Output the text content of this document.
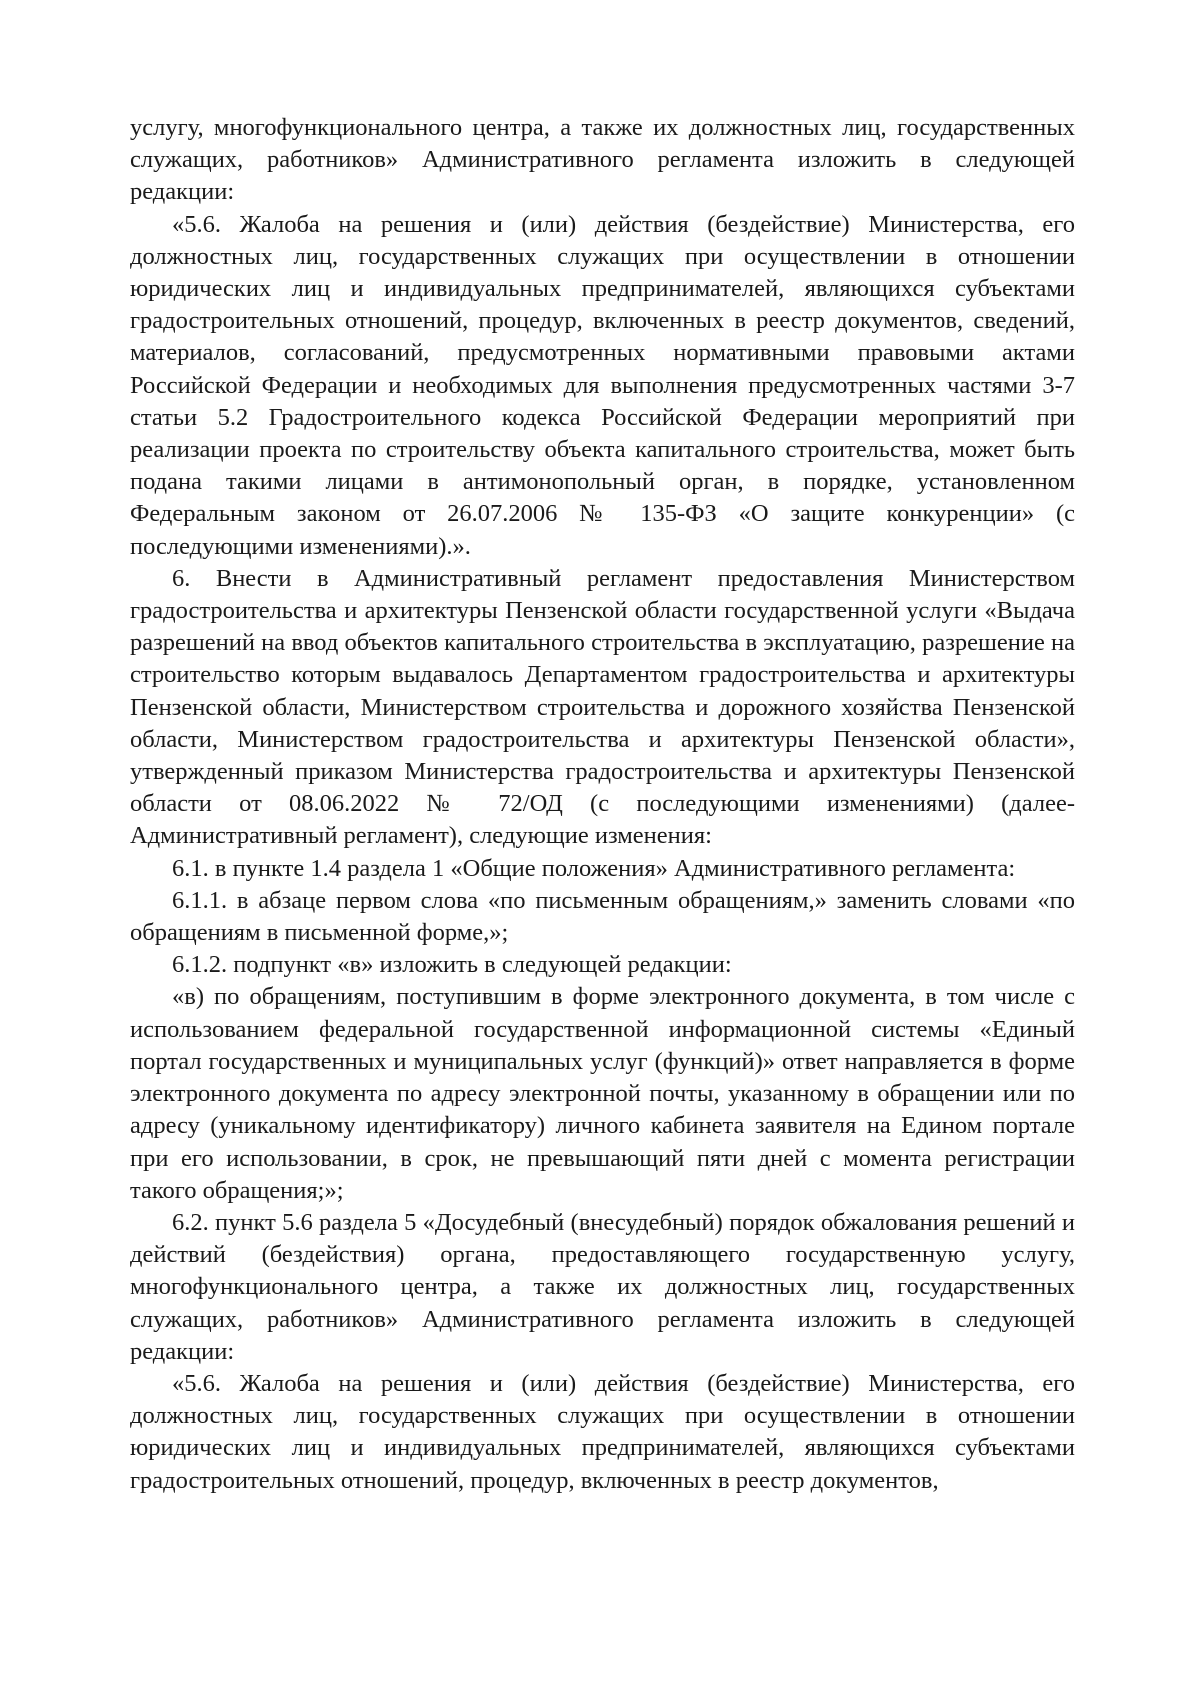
услугу, многофункционального центра, а также их должностных лиц, государственных служащих, работников» Административного регламента изложить в следующей редакции:

«5.6. Жалоба на решения и (или) действия (бездействие) Министерства, его должностных лиц, государственных служащих при осуществлении в отношении юридических лиц и индивидуальных предпринимателей, являющихся субъектами градостроительных отношений, процедур, включенных в реестр документов, сведений, материалов, согласований, предусмотренных нормативными правовыми актами Российской Федерации и необходимых для выполнения предусмотренных частями 3-7 статьи 5.2 Градостроительного кодекса Российской Федерации мероприятий при реализации проекта по строительству объекта капитального строительства, может быть подана такими лицами в антимонопольный орган, в порядке, установленном Федеральным законом от 26.07.2006 № 135-ФЗ «О защите конкуренции» (с последующими изменениями).».

6. Внести в Административный регламент предоставления Министерством градостроительства и архитектуры Пензенской области государственной услуги «Выдача разрешений на ввод объектов капитального строительства в эксплуатацию, разрешение на строительство которым выдавалось Департаментом градостроительства и архитектуры Пензенской области, Министерством строительства и дорожного хозяйства Пензенской области, Министерством градостроительства и архитектуры Пензенской области», утвержденный приказом Министерства градостроительства и архитектуры Пензенской области от 08.06.2022 № 72/ОД (с последующими изменениями) (далее-Административный регламент), следующие изменения:

6.1. в пункте 1.4 раздела 1 «Общие положения» Административного регламента:

6.1.1. в абзаце первом слова «по письменным обращениям,» заменить словами «по обращениям в письменной форме,»;

6.1.2. подпункт «в» изложить в следующей редакции:

«в) по обращениям, поступившим в форме электронного документа, в том числе с использованием федеральной государственной информационной системы «Единый портал государственных и муниципальных услуг (функций)» ответ направляется в форме электронного документа по адресу электронной почты, указанному в обращении или по адресу (уникальному идентификатору) личного кабинета заявителя на Едином портале при его использовании, в срок, не превышающий пяти дней с момента регистрации такого обращения;»;

6.2. пункт 5.6 раздела 5 «Досудебный (внесудебный) порядок обжалования решений и действий (бездействия) органа, предоставляющего государственную услугу, многофункционального центра, а также их должностных лиц, государственных служащих, работников» Административного регламента изложить в следующей редакции:

«5.6. Жалоба на решения и (или) действия (бездействие) Министерства, его должностных лиц, государственных служащих при осуществлении в отношении юридических лиц и индивидуальных предпринимателей, являющихся субъектами градостроительных отношений, процедур, включенных в реестр документов,
